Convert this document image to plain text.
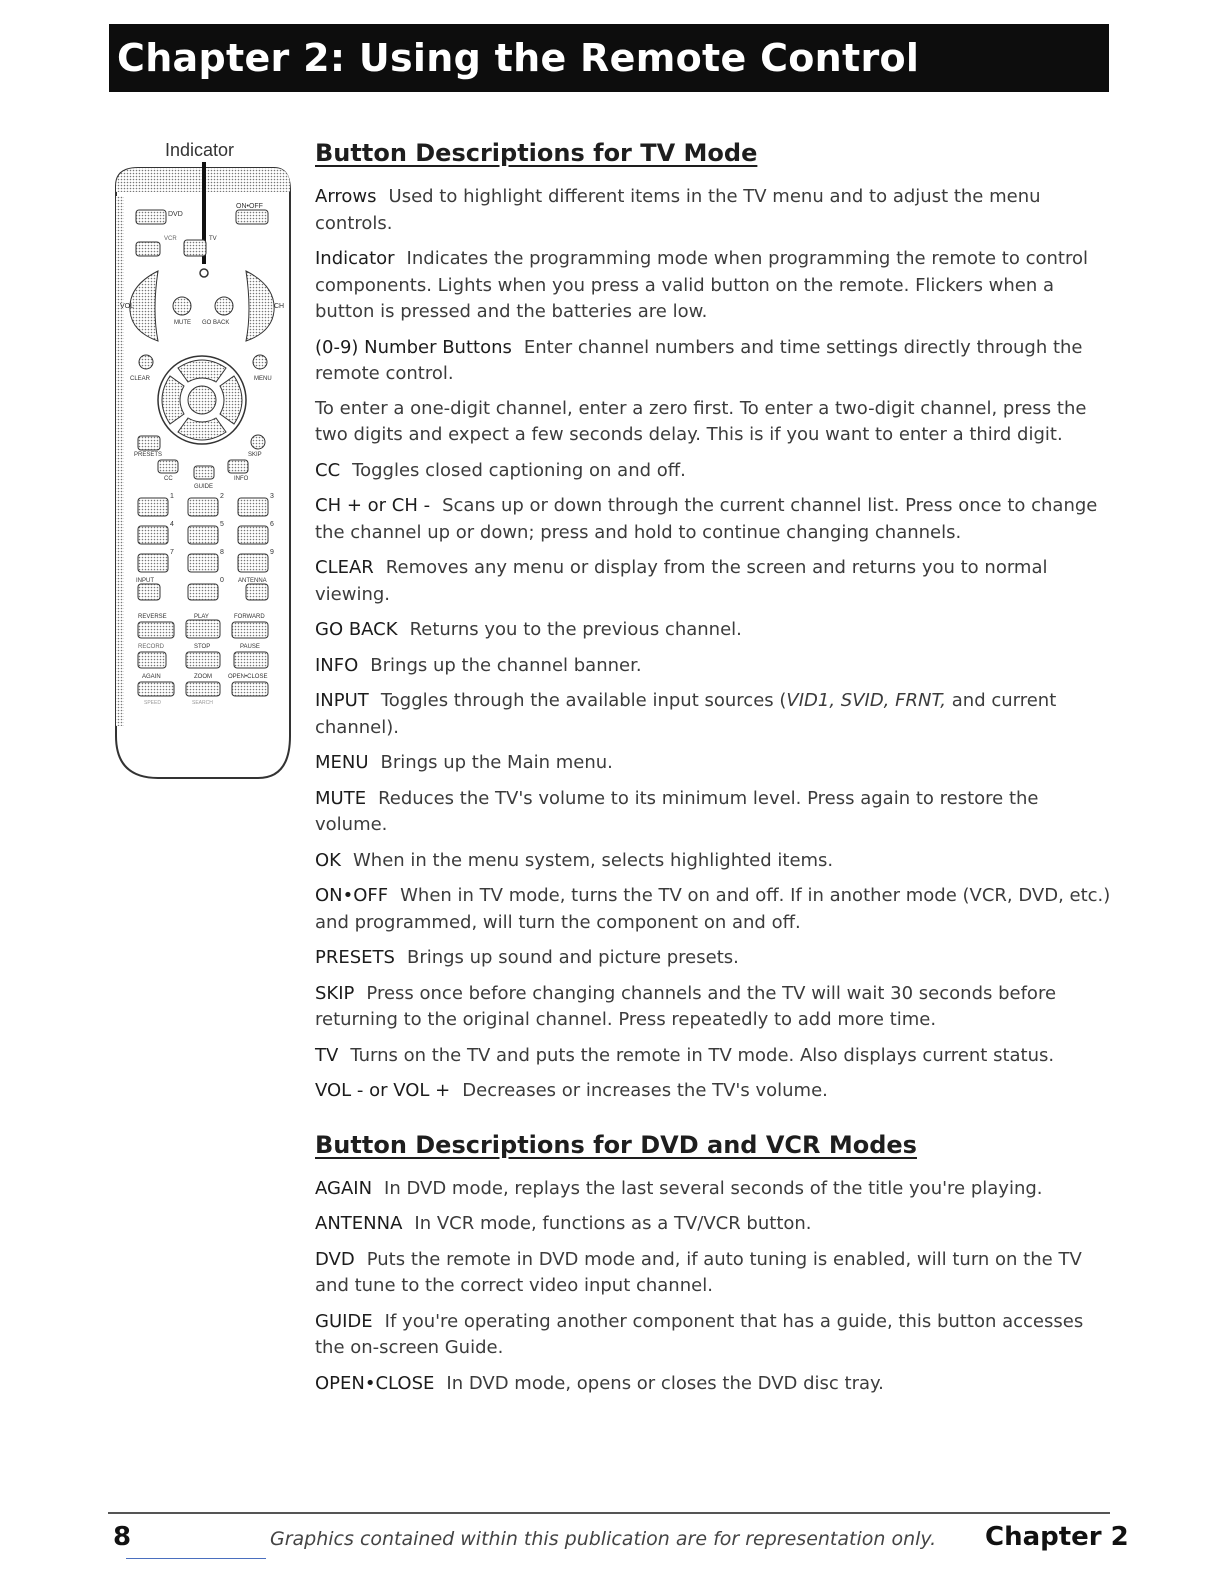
Chapter 2: Using the Remote Control
Indicator
DVD
ON•OFF
VCR	TV
VOL	CH
MUTE GO BACK
CLEAR	MENU
PRESETS	SKIP
CC
GUIDE
INFO
1	2	3
4	5	6
7	8	9
0
INPUT	ANTENNA
REVERSE	PLAY	FORWARD
RECORD	STOP	PAUSE
AGAIN	ZOOM	OPEN•CLOSE
SPEED	SEARCH
Button Descriptions for TV Mode
Arrows Used to highlight different items in the TV menu and to adjust the menu controls.
Indicator Indicates the programming mode when programming the remote to control components. Lights when you press a valid button on the remote. Flickers when a button is pressed and the batteries are low.
(0-9) Number Buttons Enter channel numbers and time settings directly through the remote control.
To enter a one-digit channel, enter a zero first. To enter a two-digit channel, press the two digits and expect a few seconds delay. This is if you want to enter a third digit.
CC Toggles closed captioning on and off.
CH + or CH - Scans up or down through the current channel list. Press once to change the channel up or down; press and hold to continue changing channels.
CLEAR Removes any menu or display from the screen and returns you to normal viewing.
GO BACK Returns you to the previous channel.
INFO Brings up the channel banner.
INPUT Toggles through the available input sources (VID1, SVID, FRNT, and current channel).
MENU Brings up the Main menu.
MUTE Reduces the TV's volume to its minimum level. Press again to restore the volume.
OK When in the menu system, selects highlighted items.
ON•OFF When in TV mode, turns the TV on and off. If in another mode (VCR, DVD, etc.) and programmed, will turn the component on and off.
PRESETS Brings up sound and picture presets.
SKIP Press once before changing channels and the TV will wait 30 seconds before returning to the original channel. Press repeatedly to add more time.
TV Turns on the TV and puts the remote in TV mode. Also displays current status.
VOL - or VOL + Decreases or increases the TV's volume.
Button Descriptions for DVD and VCR Modes
AGAIN In DVD mode, replays the last several seconds of the title you're playing.
ANTENNA In VCR mode, functions as a TV/VCR button.
DVD Puts the remote in DVD mode and, if auto tuning is enabled, will turn on the TV and tune to the correct video input channel.
GUIDE If you're operating another component that has a guide, this button accesses the on-screen Guide.
OPEN•CLOSE In DVD mode, opens or closes the DVD disc tray.
8	Graphics contained within this publication are for representation only. Chapter 2
